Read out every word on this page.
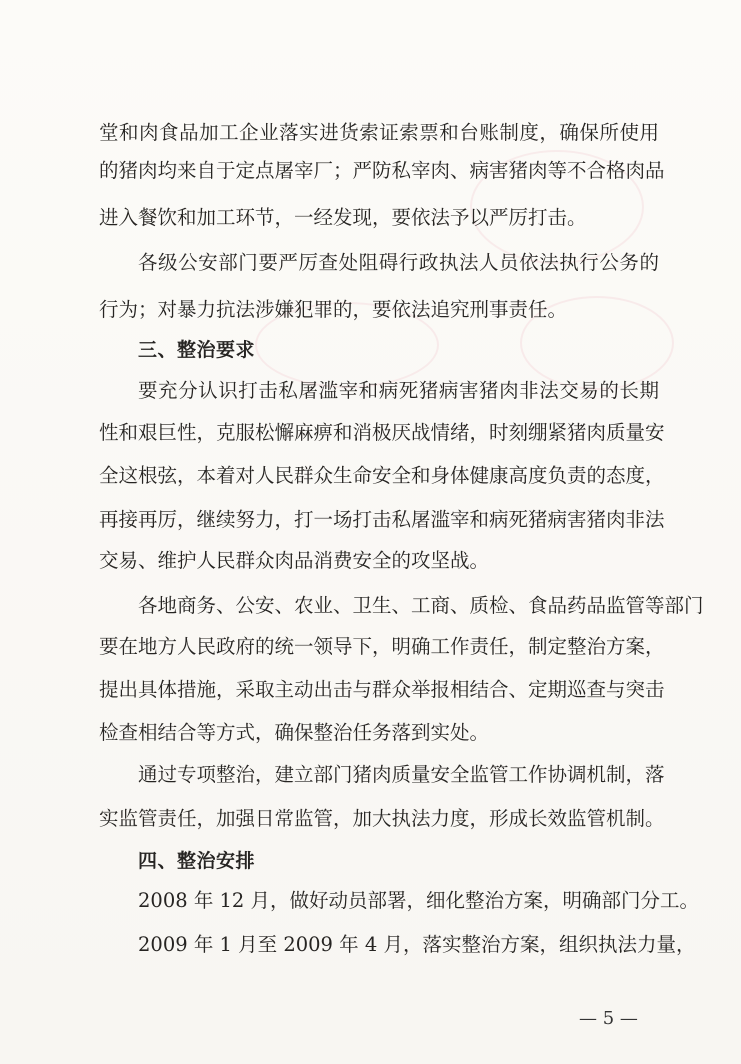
堂和肉食品加工企业落实进货索证索票和台账制度，确保所使用
的猪肉均来自于定点屠宰厂；严防私宰肉、病害猪肉等不合格肉品
进入餐饮和加工环节，一经发现，要依法予以严厉打击。
各级公安部门要严厉查处阻碍行政执法人员依法执行公务的
行为；对暴力抗法涉嫌犯罪的，要依法追究刑事责任。
三、整治要求
要充分认识打击私屠滥宰和病死猪病害猪肉非法交易的长期
性和艰巨性，克服松懈麻痹和消极厌战情绪，时刻绷紧猪肉质量安
全这根弦，本着对人民群众生命安全和身体健康高度负责的态度，
再接再厉，继续努力，打一场打击私屠滥宰和病死猪病害猪肉非法
交易、维护人民群众肉品消费安全的攻坚战。
各地商务、公安、农业、卫生、工商、质检、食品药品监管等部门
要在地方人民政府的统一领导下，明确工作责任，制定整治方案，
提出具体措施，采取主动出击与群众举报相结合、定期巡查与突击
检查相结合等方式，确保整治任务落到实处。
通过专项整治，建立部门猪肉质量安全监管工作协调机制，落
实监管责任，加强日常监管，加大执法力度，形成长效监管机制。
四、整治安排
2008 年 12 月，做好动员部署，细化整治方案，明确部门分工。
2009 年 1 月至 2009 年 4 月，落实整治方案，组织执法力量，
— 5 —
